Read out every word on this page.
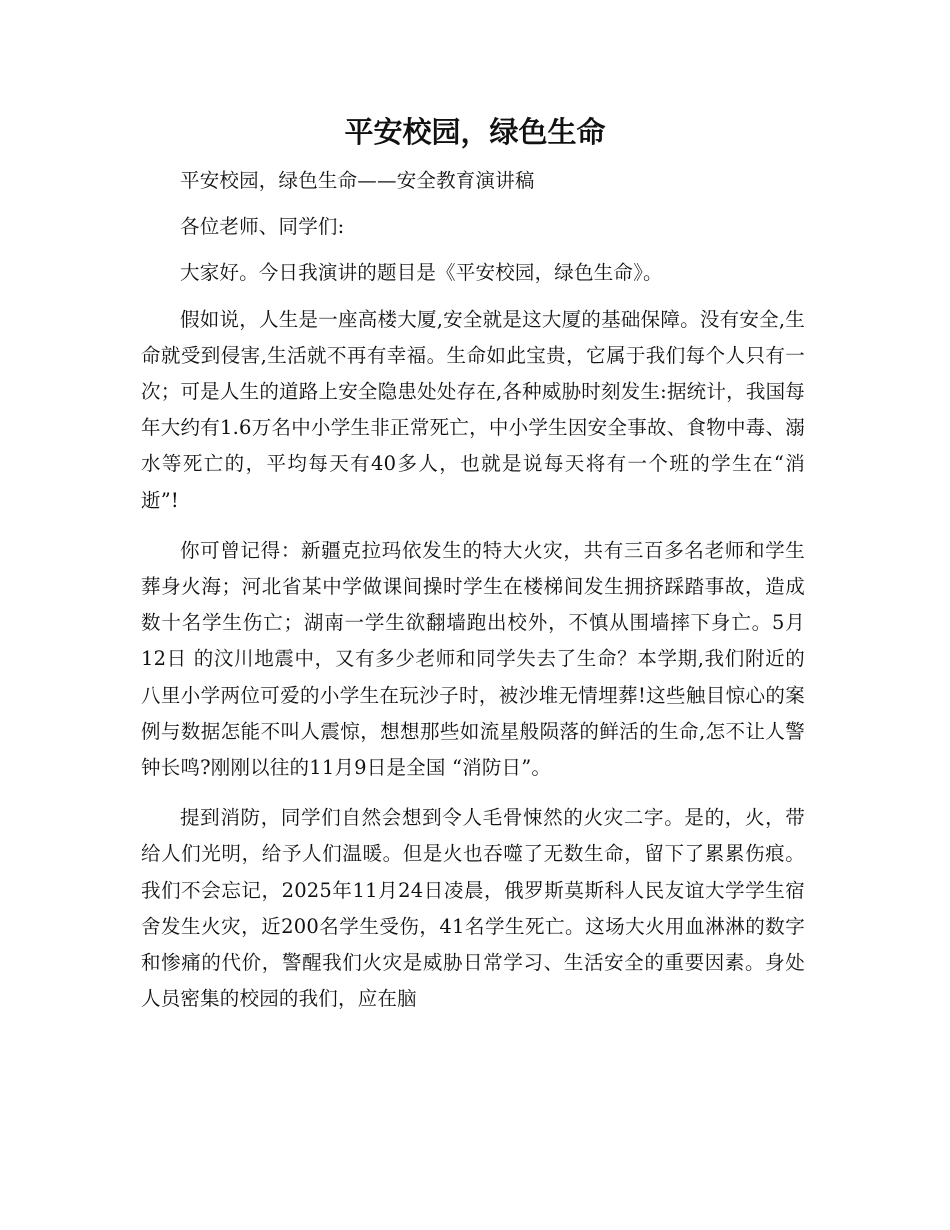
平安校园，绿色生命

平安校园，绿色生命——安全教育演讲稿

各位老师、同学们:

大家好。今日我演讲的题目是《平安校园，绿色生命》。

假如说，人生是一座高楼大厦,安全就是这大厦的基础保障。没有安全,生命就受到侵害,生活就不再有幸福。生命如此宝贵，它属于我们每个人只有一次；可是人生的道路上安全隐患处处存在,各种威胁时刻发生:据统计，我国每年大约有1.6万名中小学生非正常死亡，中小学生因安全事故、食物中毒、溺水等死亡的，平均每天有40多人，也就是说每天将有一个班的学生在“消逝”!

你可曾记得：新疆克拉玛依发生的特大火灾，共有三百多名老师和学生葬身火海；河北省某中学做课间操时学生在楼梯间发生拥挤踩踏事故，造成数十名学生伤亡；湖南一学生欲翻墙跑出校外，不慎从围墙摔下身亡。5月12日 的汶川地震中，又有多少老师和同学失去了生命？本学期,我们附近的八里小学两位可爱的小学生在玩沙子时，被沙堆无情埋葬!这些触目惊心的案例与数据怎能不叫人震惊，想想那些如流星般陨落的鲜活的生命,怎不让人警钟长鸣?刚刚以往的11月9日是全国 “消防日”。

提到消防，同学们自然会想到令人毛骨悚然的火灾二字。是的，火，带给人们光明，给予人们温暖。但是火也吞噬了无数生命，留下了累累伤痕。我们不会忘记，2025年11月24日凌晨，俄罗斯莫斯科人民友谊大学学生宿舍发生火灾，近200名学生受伤，41名学生死亡。这场大火用血淋淋的数字和惨痛的代价，警醒我们火灾是威胁日常学习、生活安全的重要因素。身处人员密集的校园的我们，应在脑
